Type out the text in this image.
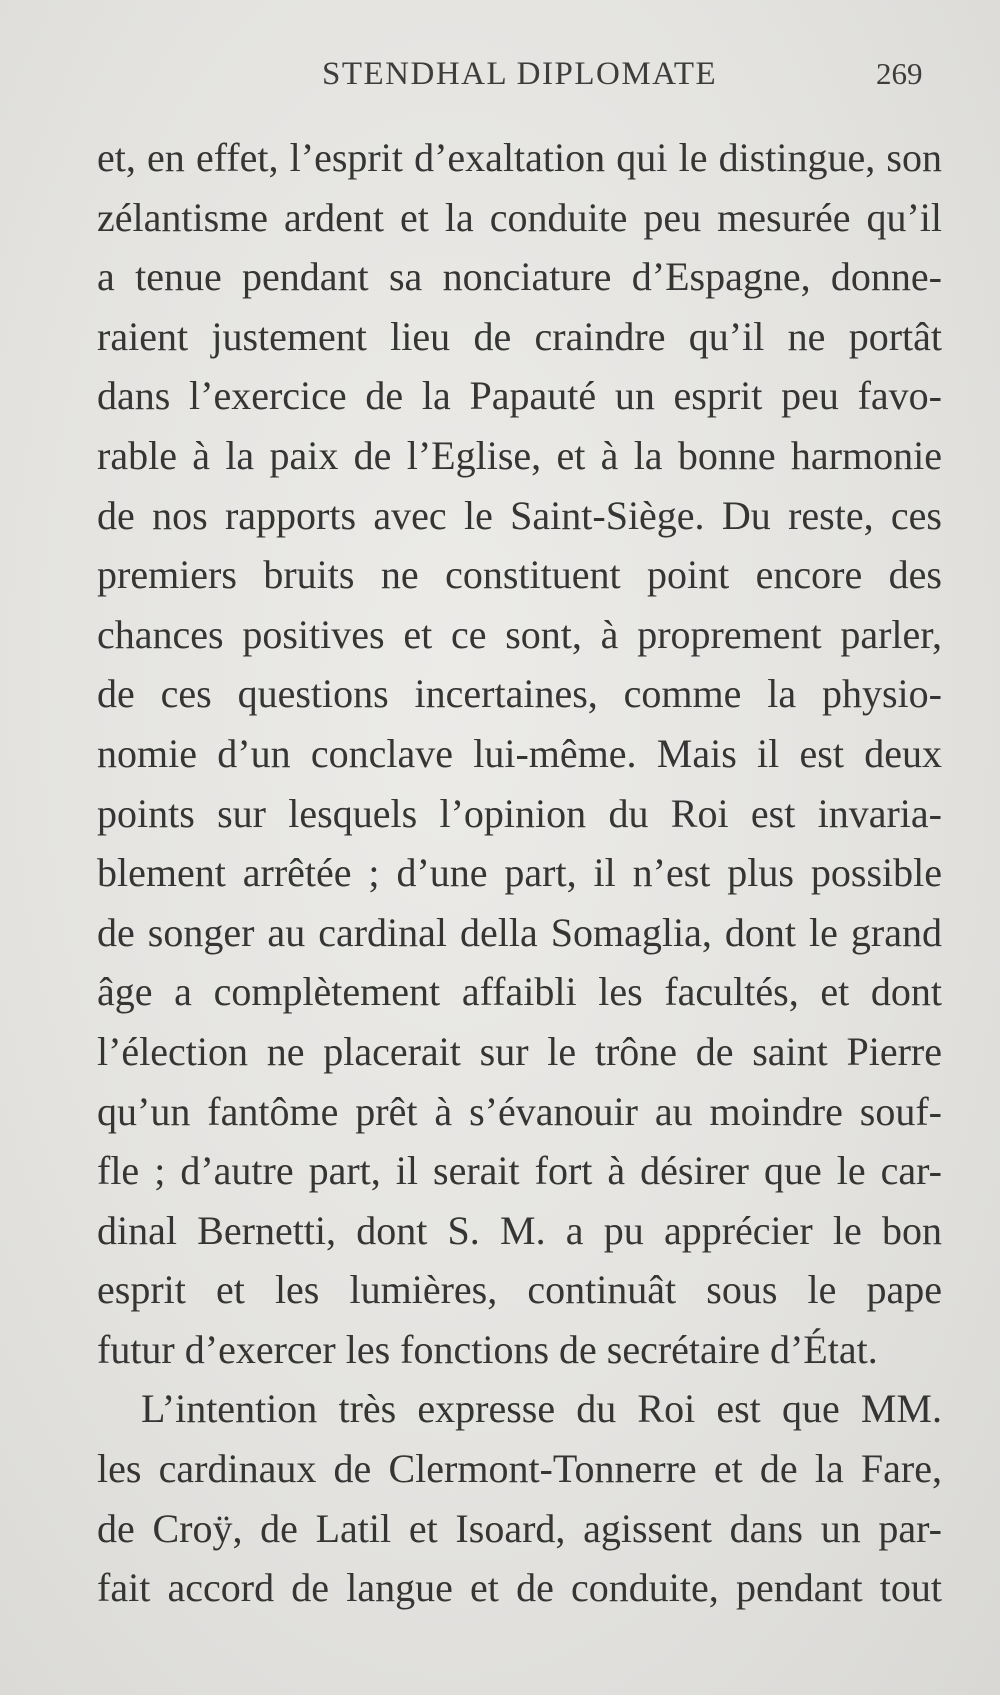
STENDHAL DIPLOMATE	269
et, en effet, l’esprit d’exaltation qui le distingue, son
zélantisme ardent et la conduite peu mesurée qu’il
a tenue pendant sa nonciature d’Espagne, donne-
raient justement lieu de craindre qu’il ne portât
dans l’exercice de la Papauté un esprit peu favo-
rable à la paix de l’Eglise, et à la bonne harmonie
de nos rapports avec le Saint-Siège. Du reste, ces
premiers bruits ne constituent point encore des
chances positives et ce sont, à proprement parler,
de ces questions incertaines, comme la physio-
nomie d’un conclave lui-même. Mais il est deux
points sur lesquels l’opinion du Roi est invaria-
blement arrêtée ; d’une part, il n’est plus possible
de songer au cardinal della Somaglia, dont le grand
âge a complètement affaibli les facultés, et dont
l’élection ne placerait sur le trône de saint Pierre
qu’un fantôme prêt à s’évanouir au moindre souf-
fle ; d’autre part, il serait fort à désirer que le car-
dinal Bernetti, dont S. M. a pu apprécier le bon
esprit et les lumières, continuât sous le pape
futur d’exercer les fonctions de secrétaire d’État.
L’intention très expresse du Roi est que MM.
les cardinaux de Clermont-Tonnerre et de la Fare,
de Croÿ, de Latil et Isoard, agissent dans un par-
fait accord de langue et de conduite, pendant tout
